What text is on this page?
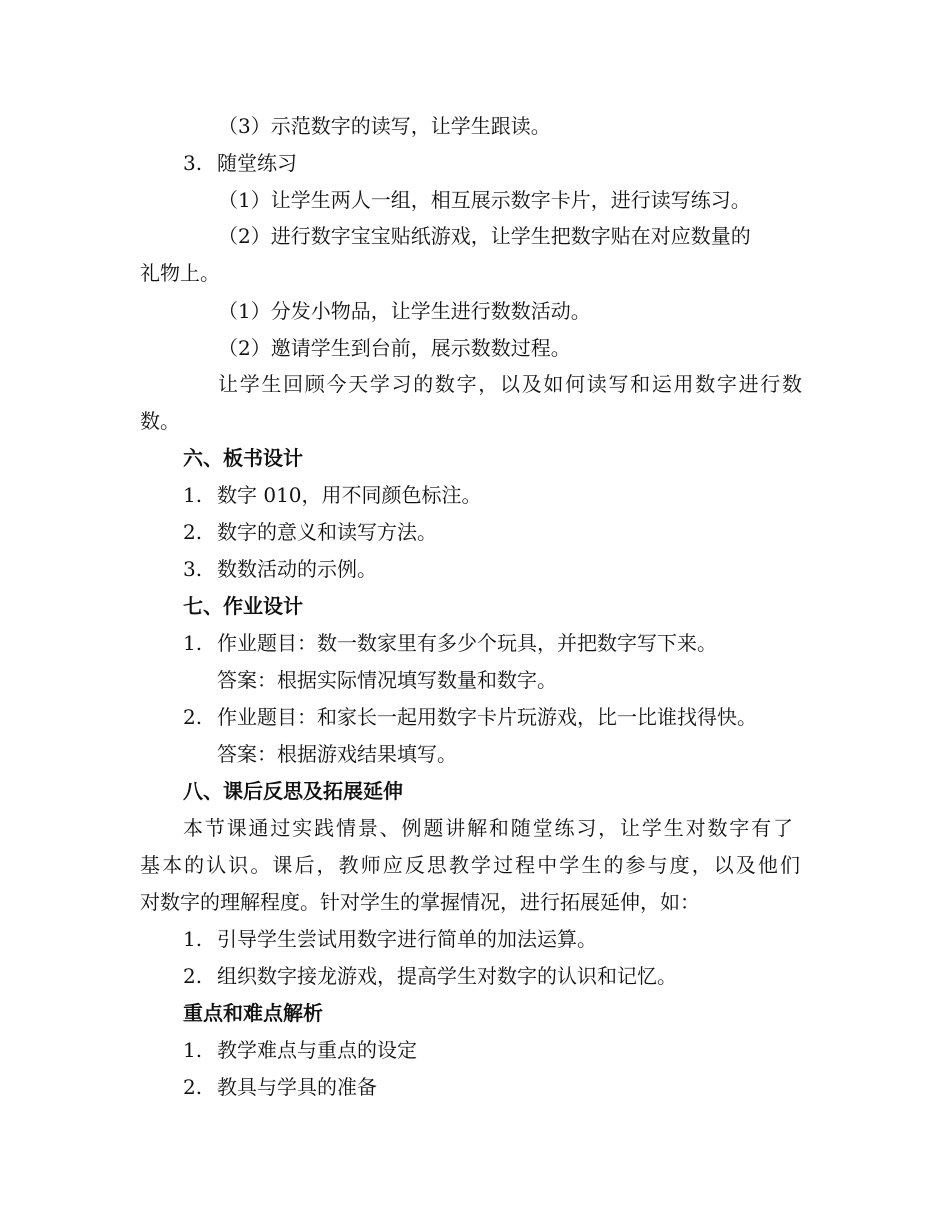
（3）示范数字的读写，让学生跟读。
3. 随堂练习
（1）让学生两人一组，相互展示数字卡片，进行读写练习。
（2）进行数字宝宝贴纸游戏，让学生把数字贴在对应数量的
礼物上。
（1）分发小物品，让学生进行数数活动。
（2）邀请学生到台前，展示数数过程。
让学生回顾今天学习的数字，以及如何读写和运用数字进行数
数。
六、板书设计
1. 数字 010，用不同颜色标注。
2. 数字的意义和读写方法。
3. 数数活动的示例。
七、作业设计
1. 作业题目：数一数家里有多少个玩具，并把数字写下来。
答案：根据实际情况填写数量和数字。
2. 作业题目：和家长一起用数字卡片玩游戏，比一比谁找得快。
答案：根据游戏结果填写。
八、课后反思及拓展延伸
本节课通过实践情景、例题讲解和随堂练习，让学生对数字有了
基本的认识。课后，教师应反思教学过程中学生的参与度，以及他们
对数字的理解程度。针对学生的掌握情况，进行拓展延伸，如：
1. 引导学生尝试用数字进行简单的加法运算。
2. 组织数字接龙游戏，提高学生对数字的认识和记忆。
重点和难点解析
1. 教学难点与重点的设定
2. 教具与学具的准备
